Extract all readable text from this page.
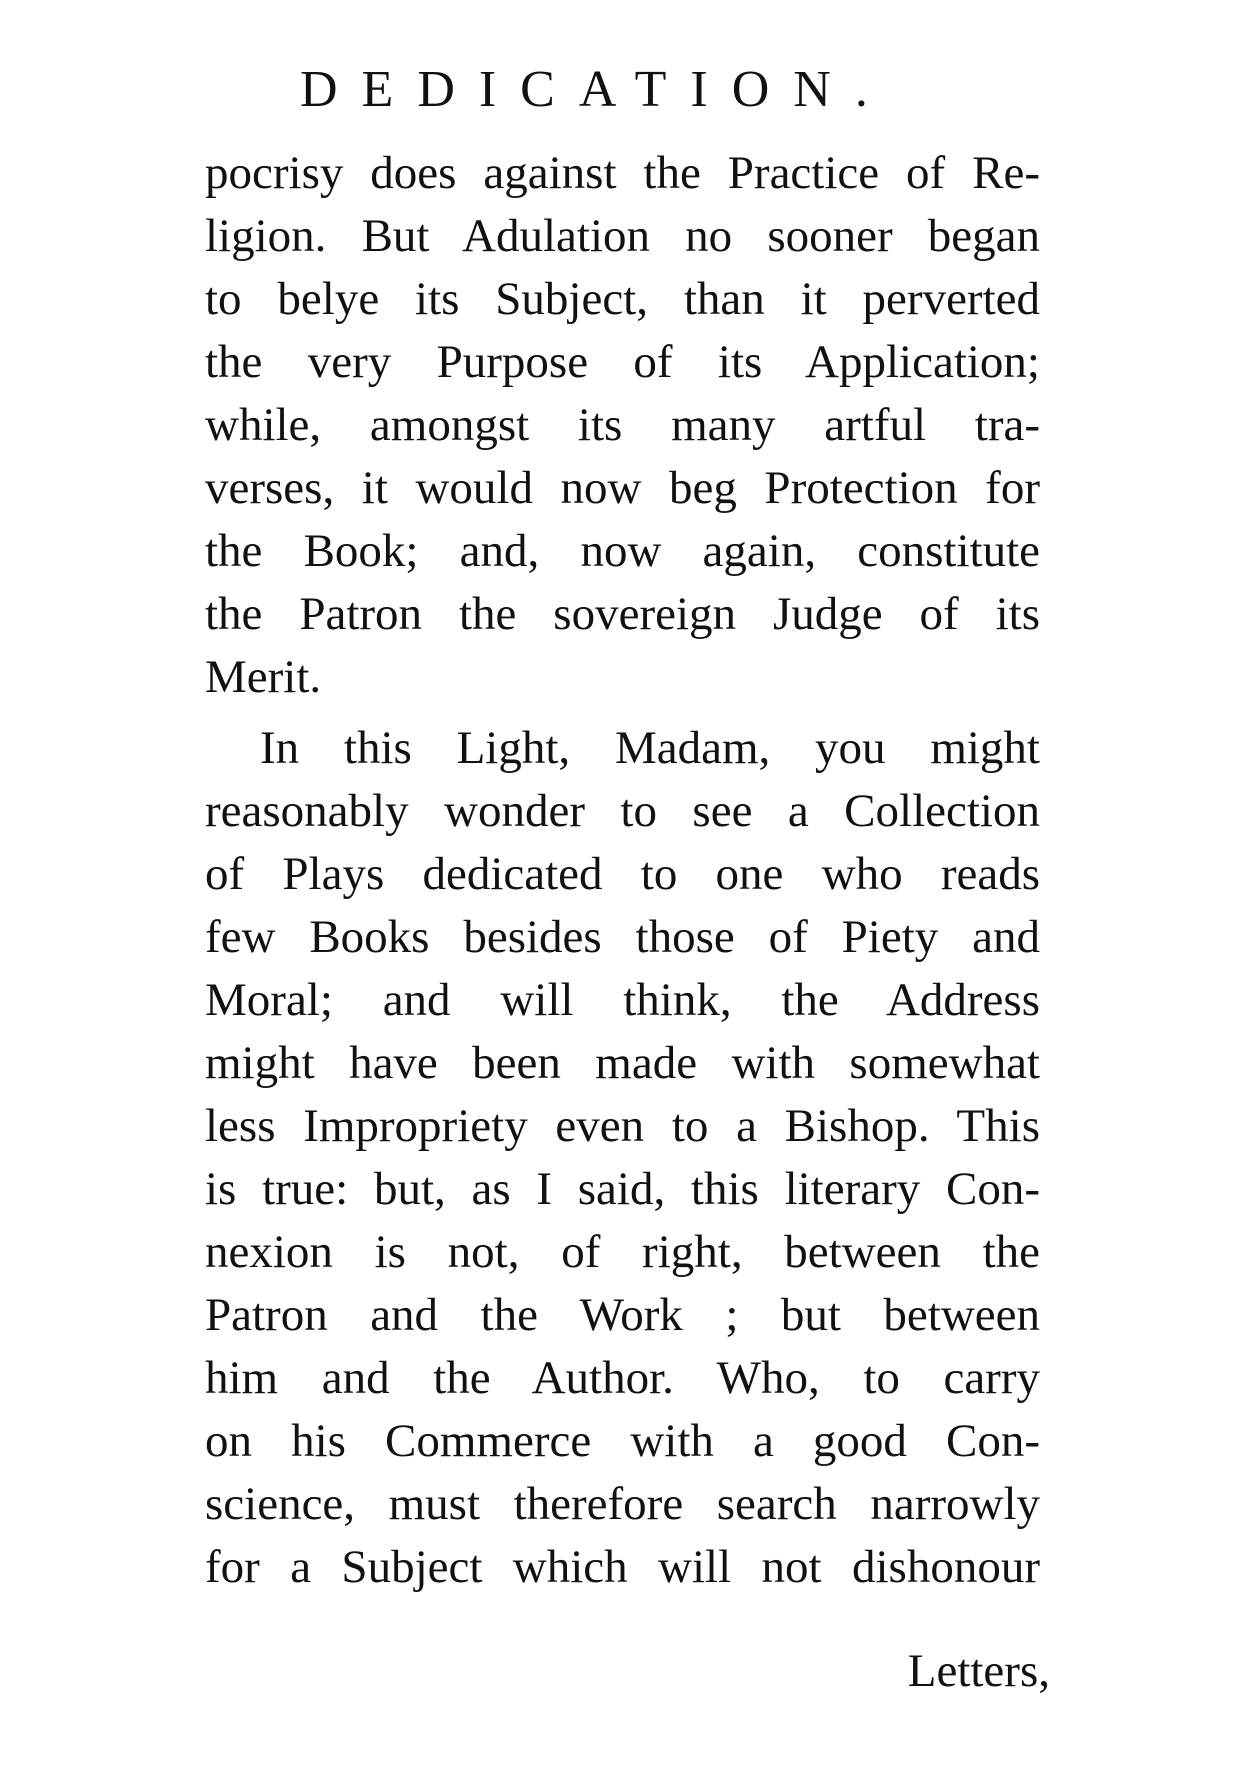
DEDICATION.
pocrisy does against the Practice of Re-
ligion. But Adulation no sooner began
to belye its Subject, than it perverted
the very Purpose of its Application;
while, amongst its many artful tra-
verses, it would now beg Protection for
the Book; and, now again, constitute
the Patron the sovereign Judge of its
Merit.
In this Light, Madam, you might
reasonably wonder to see a Collection
of Plays dedicated to one who reads
few Books besides those of Piety and
Moral; and will think, the Address
might have been made with somewhat
less Impropriety even to a Bishop. This
is true: but, as I said, this literary Con-
nexion is not, of right, between the
Patron and the Work ; but between
him and the Author. Who, to carry
on his Commerce with a good Con-
science, must therefore search narrowly
for a Subject which will not dishonour
Letters,
